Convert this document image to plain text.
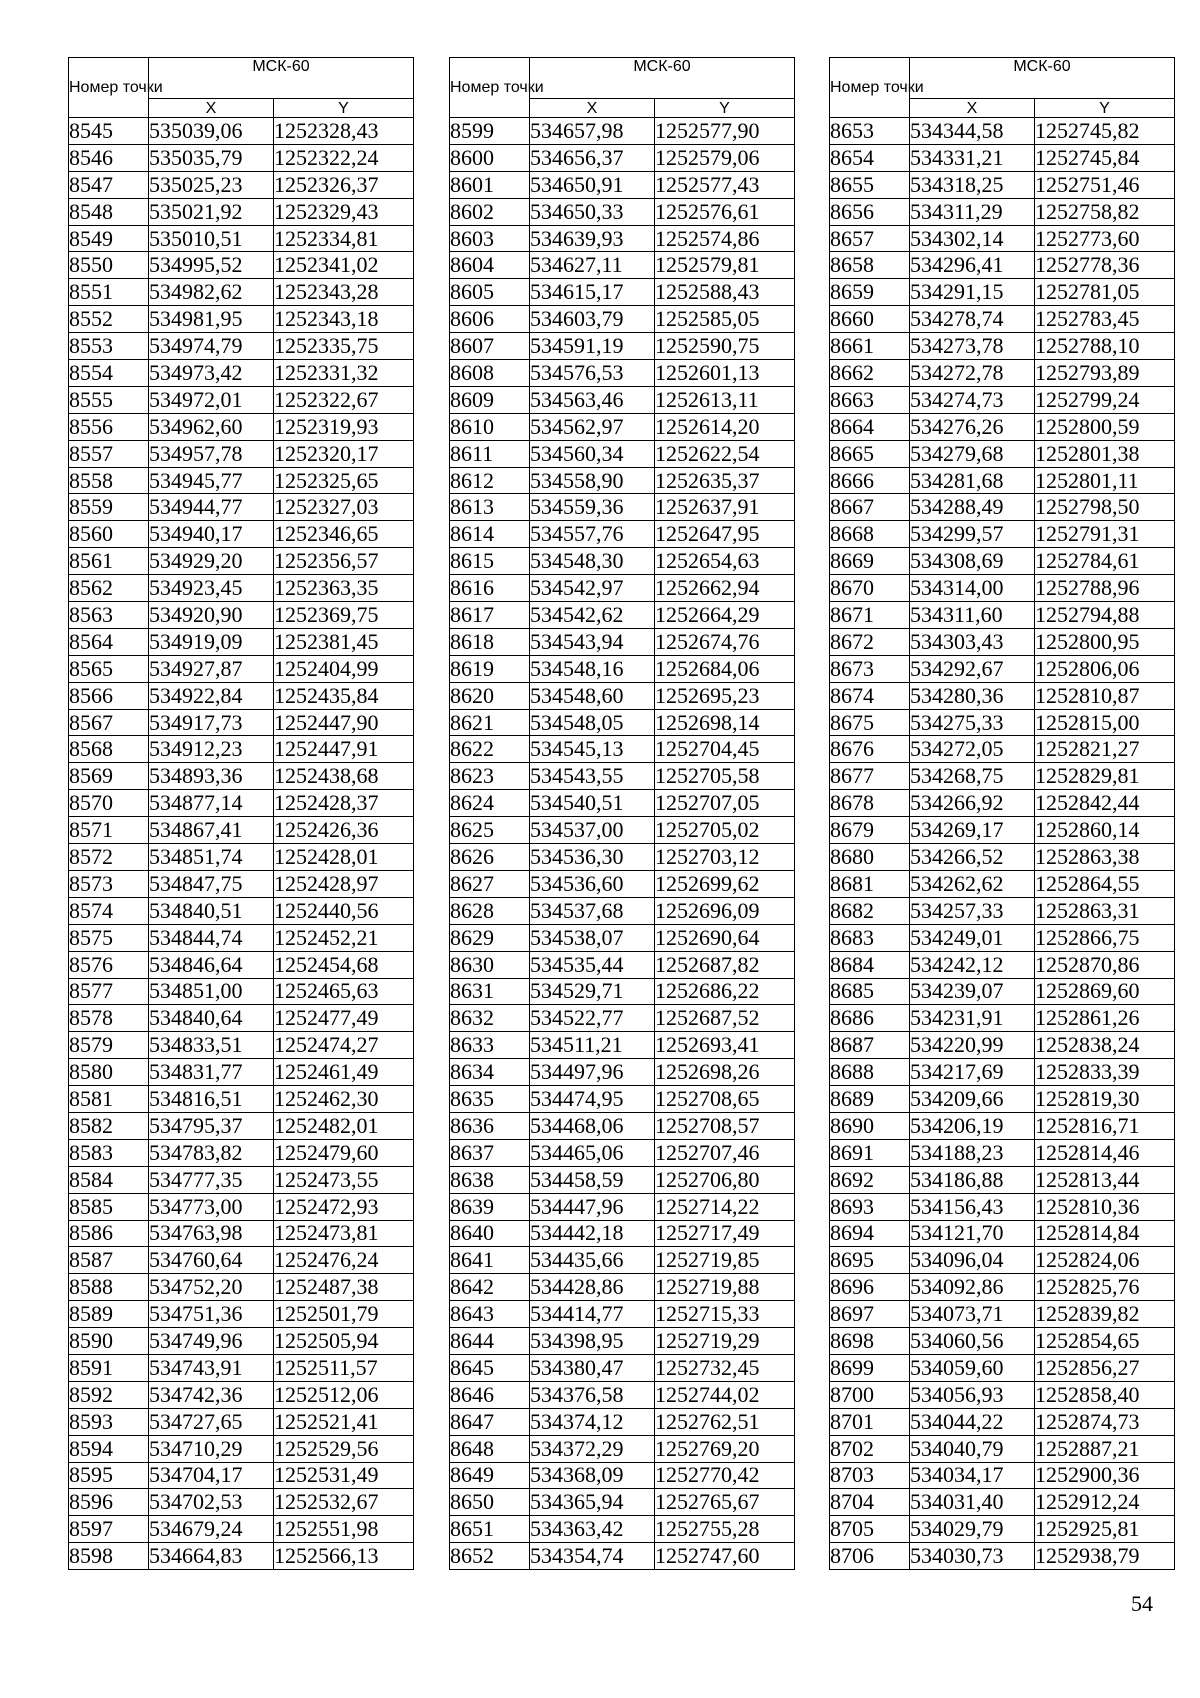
Номер точки	МСК-60	
	X	Y
8545	535039,06	1252328,43
8546	535035,79	1252322,24
8547	535025,23	1252326,37
8548	535021,92	1252329,43
8549	535010,51	1252334,81
8550	534995,52	1252341,02
8551	534982,62	1252343,28
8552	534981,95	1252343,18
8553	534974,79	1252335,75
8554	534973,42	1252331,32
8555	534972,01	1252322,67
8556	534962,60	1252319,93
8557	534957,78	1252320,17
8558	534945,77	1252325,65
8559	534944,77	1252327,03
8560	534940,17	1252346,65
8561	534929,20	1252356,57
8562	534923,45	1252363,35
8563	534920,90	1252369,75
8564	534919,09	1252381,45
8565	534927,87	1252404,99
8566	534922,84	1252435,84
8567	534917,73	1252447,90
8568	534912,23	1252447,91
8569	534893,36	1252438,68
8570	534877,14	1252428,37
8571	534867,41	1252426,36
8572	534851,74	1252428,01
8573	534847,75	1252428,97
8574	534840,51	1252440,56
8575	534844,74	1252452,21
8576	534846,64	1252454,68
8577	534851,00	1252465,63
8578	534840,64	1252477,49
8579	534833,51	1252474,27
8580	534831,77	1252461,49
8581	534816,51	1252462,30
8582	534795,37	1252482,01
8583	534783,82	1252479,60
8584	534777,35	1252473,55
8585	534773,00	1252472,93
8586	534763,98	1252473,81
8587	534760,64	1252476,24
8588	534752,20	1252487,38
8589	534751,36	1252501,79
8590	534749,96	1252505,94
8591	534743,91	1252511,57
8592	534742,36	1252512,06
8593	534727,65	1252521,41
8594	534710,29	1252529,56
8595	534704,17	1252531,49
8596	534702,53	1252532,67
8597	534679,24	1252551,98
8598	534664,83	1252566,13
Номер точки	МСК-60	
	X	Y
8599	534657,98	1252577,90
8600	534656,37	1252579,06
8601	534650,91	1252577,43
8602	534650,33	1252576,61
8603	534639,93	1252574,86
8604	534627,11	1252579,81
8605	534615,17	1252588,43
8606	534603,79	1252585,05
8607	534591,19	1252590,75
8608	534576,53	1252601,13
8609	534563,46	1252613,11
8610	534562,97	1252614,20
8611	534560,34	1252622,54
8612	534558,90	1252635,37
8613	534559,36	1252637,91
8614	534557,76	1252647,95
8615	534548,30	1252654,63
8616	534542,97	1252662,94
8617	534542,62	1252664,29
8618	534543,94	1252674,76
8619	534548,16	1252684,06
8620	534548,60	1252695,23
8621	534548,05	1252698,14
8622	534545,13	1252704,45
8623	534543,55	1252705,58
8624	534540,51	1252707,05
8625	534537,00	1252705,02
8626	534536,30	1252703,12
8627	534536,60	1252699,62
8628	534537,68	1252696,09
8629	534538,07	1252690,64
8630	534535,44	1252687,82
8631	534529,71	1252686,22
8632	534522,77	1252687,52
8633	534511,21	1252693,41
8634	534497,96	1252698,26
8635	534474,95	1252708,65
8636	534468,06	1252708,57
8637	534465,06	1252707,46
8638	534458,59	1252706,80
8639	534447,96	1252714,22
8640	534442,18	1252717,49
8641	534435,66	1252719,85
8642	534428,86	1252719,88
8643	534414,77	1252715,33
8644	534398,95	1252719,29
8645	534380,47	1252732,45
8646	534376,58	1252744,02
8647	534374,12	1252762,51
8648	534372,29	1252769,20
8649	534368,09	1252770,42
8650	534365,94	1252765,67
8651	534363,42	1252755,28
8652	534354,74	1252747,60
Номер точки	МСК-60	
	X	Y
8653	534344,58	1252745,82
8654	534331,21	1252745,84
8655	534318,25	1252751,46
8656	534311,29	1252758,82
8657	534302,14	1252773,60
8658	534296,41	1252778,36
8659	534291,15	1252781,05
8660	534278,74	1252783,45
8661	534273,78	1252788,10
8662	534272,78	1252793,89
8663	534274,73	1252799,24
8664	534276,26	1252800,59
8665	534279,68	1252801,38
8666	534281,68	1252801,11
8667	534288,49	1252798,50
8668	534299,57	1252791,31
8669	534308,69	1252784,61
8670	534314,00	1252788,96
8671	534311,60	1252794,88
8672	534303,43	1252800,95
8673	534292,67	1252806,06
8674	534280,36	1252810,87
8675	534275,33	1252815,00
8676	534272,05	1252821,27
8677	534268,75	1252829,81
8678	534266,92	1252842,44
8679	534269,17	1252860,14
8680	534266,52	1252863,38
8681	534262,62	1252864,55
8682	534257,33	1252863,31
8683	534249,01	1252866,75
8684	534242,12	1252870,86
8685	534239,07	1252869,60
8686	534231,91	1252861,26
8687	534220,99	1252838,24
8688	534217,69	1252833,39
8689	534209,66	1252819,30
8690	534206,19	1252816,71
8691	534188,23	1252814,46
8692	534186,88	1252813,44
8693	534156,43	1252810,36
8694	534121,70	1252814,84
8695	534096,04	1252824,06
8696	534092,86	1252825,76
8697	534073,71	1252839,82
8698	534060,56	1252854,65
8699	534059,60	1252856,27
8700	534056,93	1252858,40
8701	534044,22	1252874,73
8702	534040,79	1252887,21
8703	534034,17	1252900,36
8704	534031,40	1252912,24
8705	534029,79	1252925,81
8706	534030,73	1252938,79
54
